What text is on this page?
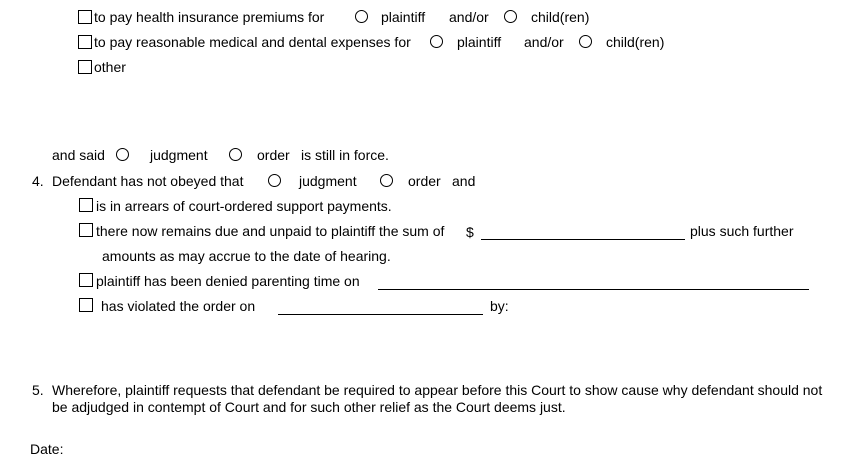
to pay health insurance premiums for	plaintiff and/or	child(ren)
to pay reasonable medical and dental expenses for	plaintiff and/or	child(ren)
other
and said	judgment	order is still in force.
4. Defendant has not obeyed that	judgment	order and
is in arrears of court-ordered support payments.
there now remains due and unpaid to plaintiff the sum of $	plus such further
amounts as may accrue to the date of hearing.
plaintiff has been denied parenting time on
has violated the order on	by:
5. Wherefore, plaintiff requests that defendant be required to appear before this Court to show cause why defendant should not
be adjudged in contempt of Court and for such other relief as the Court deems just.
Date:
